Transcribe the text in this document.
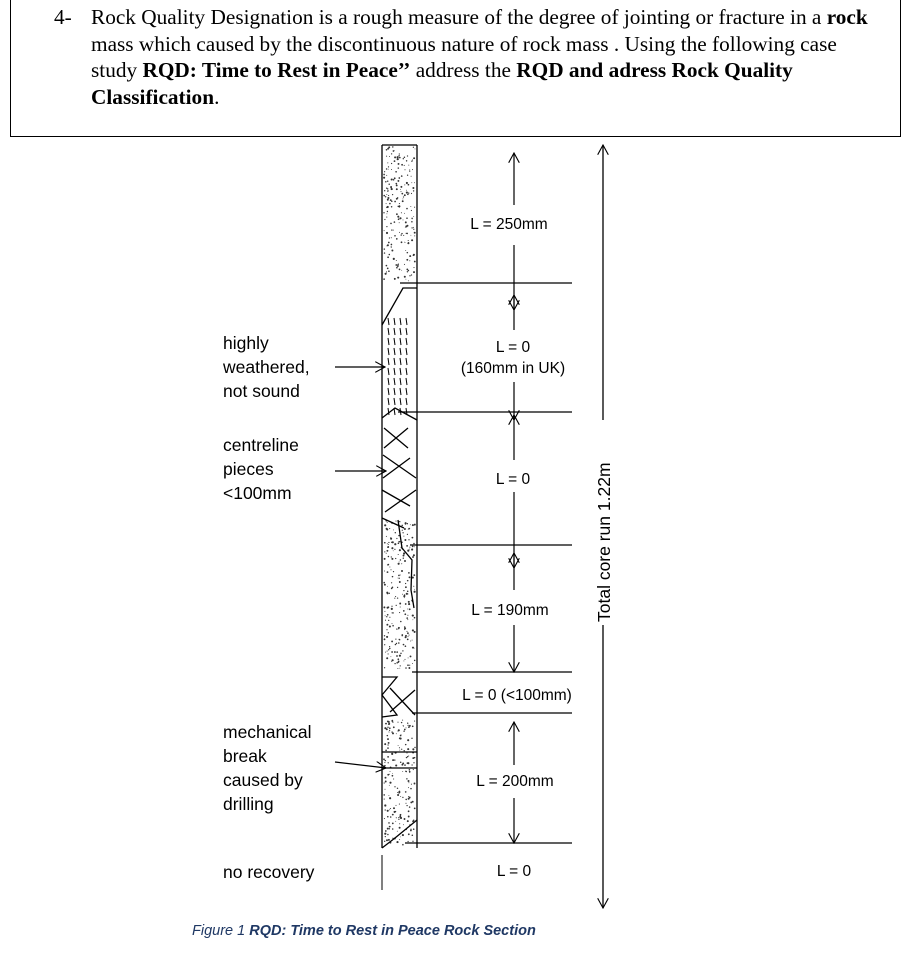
4- Rock Quality Designation is a rough measure of the degree of jointing or fracture in a rock mass which caused by the discontinuous nature of rock mass . Using the following case study RQD: Time to Rest in Peace’’ address the RQD and adress Rock Quality Classification.
Total core run 1.22m
L = 250mm
L = 0
(160mm in UK)
L = 0
L = 190mm
L = 0 (<100mm)
L = 200mm
L = 0
highly
weathered,
not sound
centreline
pieces
<100mm
mechanical
break
caused by
drilling
no recovery
Figure 1 RQD: Time to Rest in Peace Rock Section
